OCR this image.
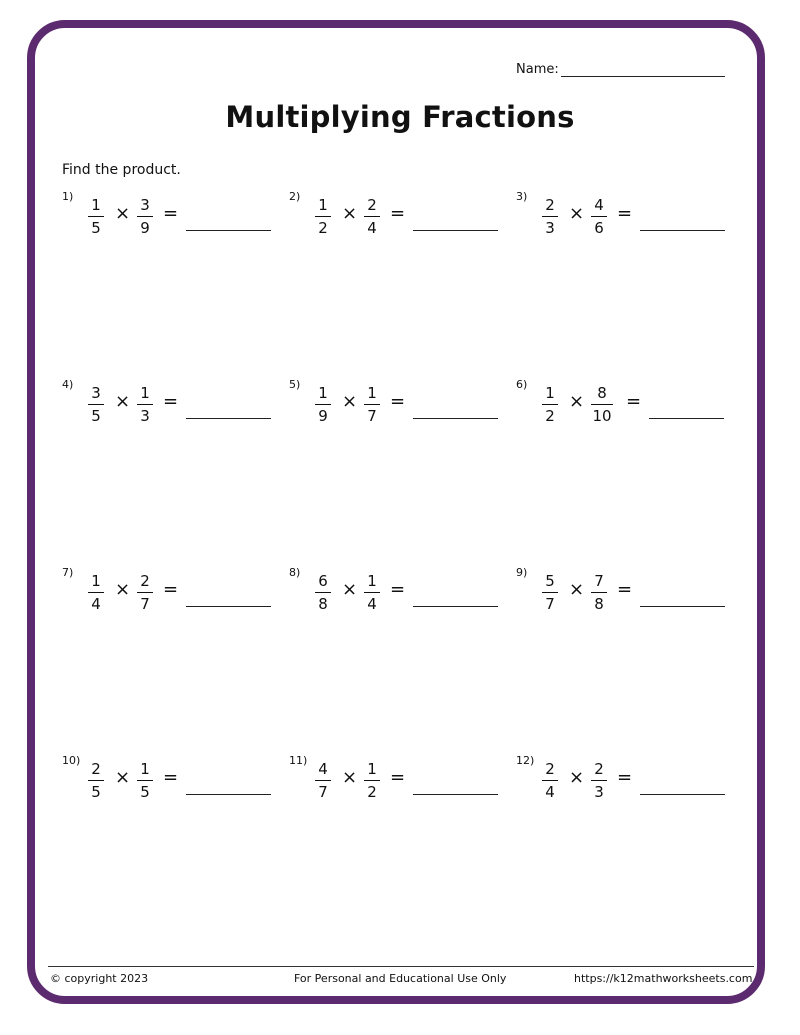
Name:
Multiplying Fractions
Find the product.
1)	1
5
× 3
9
=
2)	1
2
× 2
4
=
3)	2
3
× 4
6
=
4)	3
5
× 1
3
=
5)	1
9
× 1
7
=
6)	1
2
× 8
10
=
7)	1
4
× 2
7
=
8)	6
8
× 1
4
=
9)	5
7
× 7
8
=
10) 2
5
× 1
5
=
11) 4
7
× 1
2
=
12) 2
4
× 2
3
=
© copyright 2023	For Personal and Educational Use Only	https://k12mathworksheets.com
